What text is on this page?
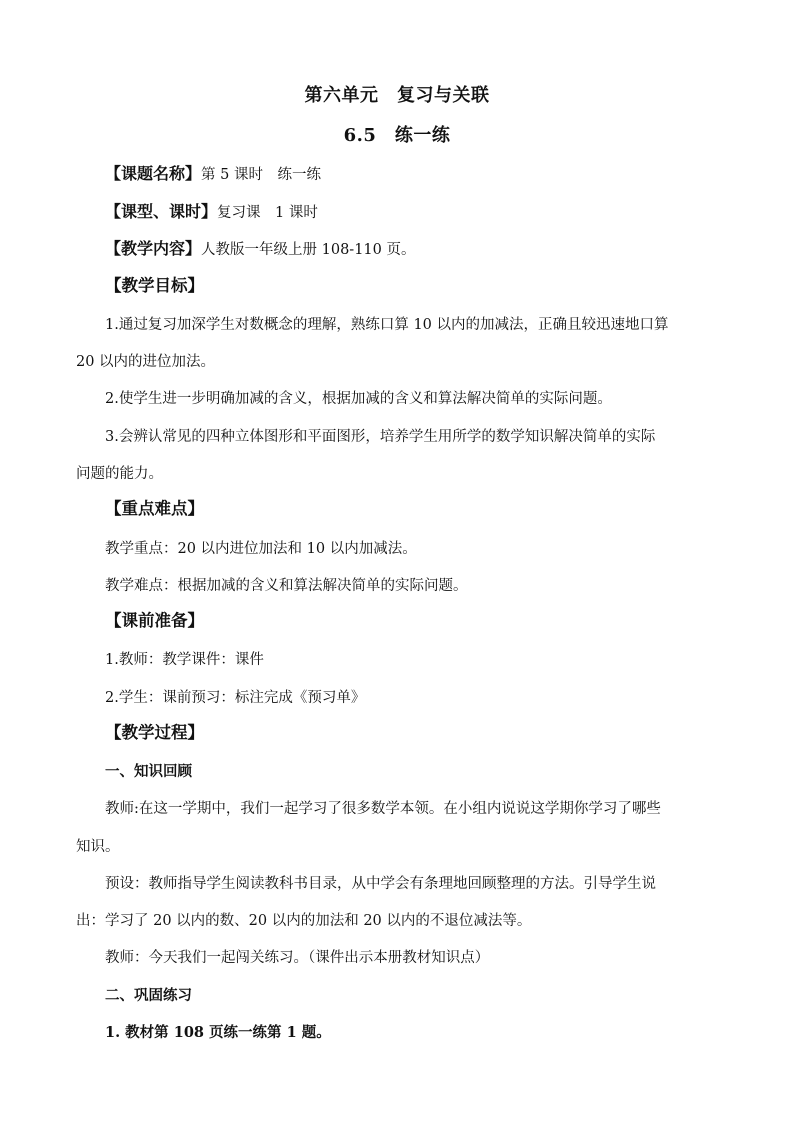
第六单元　复习与关联
6.5　练一练
【课题名称】第 5 课时　练一练
【课型、课时】复习课　1 课时
【教学内容】人教版一年级上册 108-110 页。
【教学目标】
1.通过复习加深学生对数概念的理解，熟练口算 10 以内的加减法，正确且较迅速地口算
20 以内的进位加法。
2.使学生进一步明确加减的含义，根据加减的含义和算法解决简单的实际问题。
3.会辨认常见的四种立体图形和平面图形，培养学生用所学的数学知识解决简单的实际
问题的能力。
【重点难点】
教学重点：20 以内进位加法和 10 以内加减法。
教学难点：根据加减的含义和算法解决简单的实际问题。
【课前准备】
1.教师：教学课件：课件
2.学生：课前预习：标注完成《预习单》
【教学过程】
一、知识回顾
教师:在这一学期中，我们一起学习了很多数学本领。在小组内说说这学期你学习了哪些
知识。
预设：教师指导学生阅读教科书目录，从中学会有条理地回顾整理的方法。引导学生说
出：学习了 20 以内的数、20 以内的加法和 20 以内的不退位减法等。
教师：今天我们一起闯关练习。（课件出示本册教材知识点）
二、巩固练习
1. 教材第 108 页练一练第 1 题。
